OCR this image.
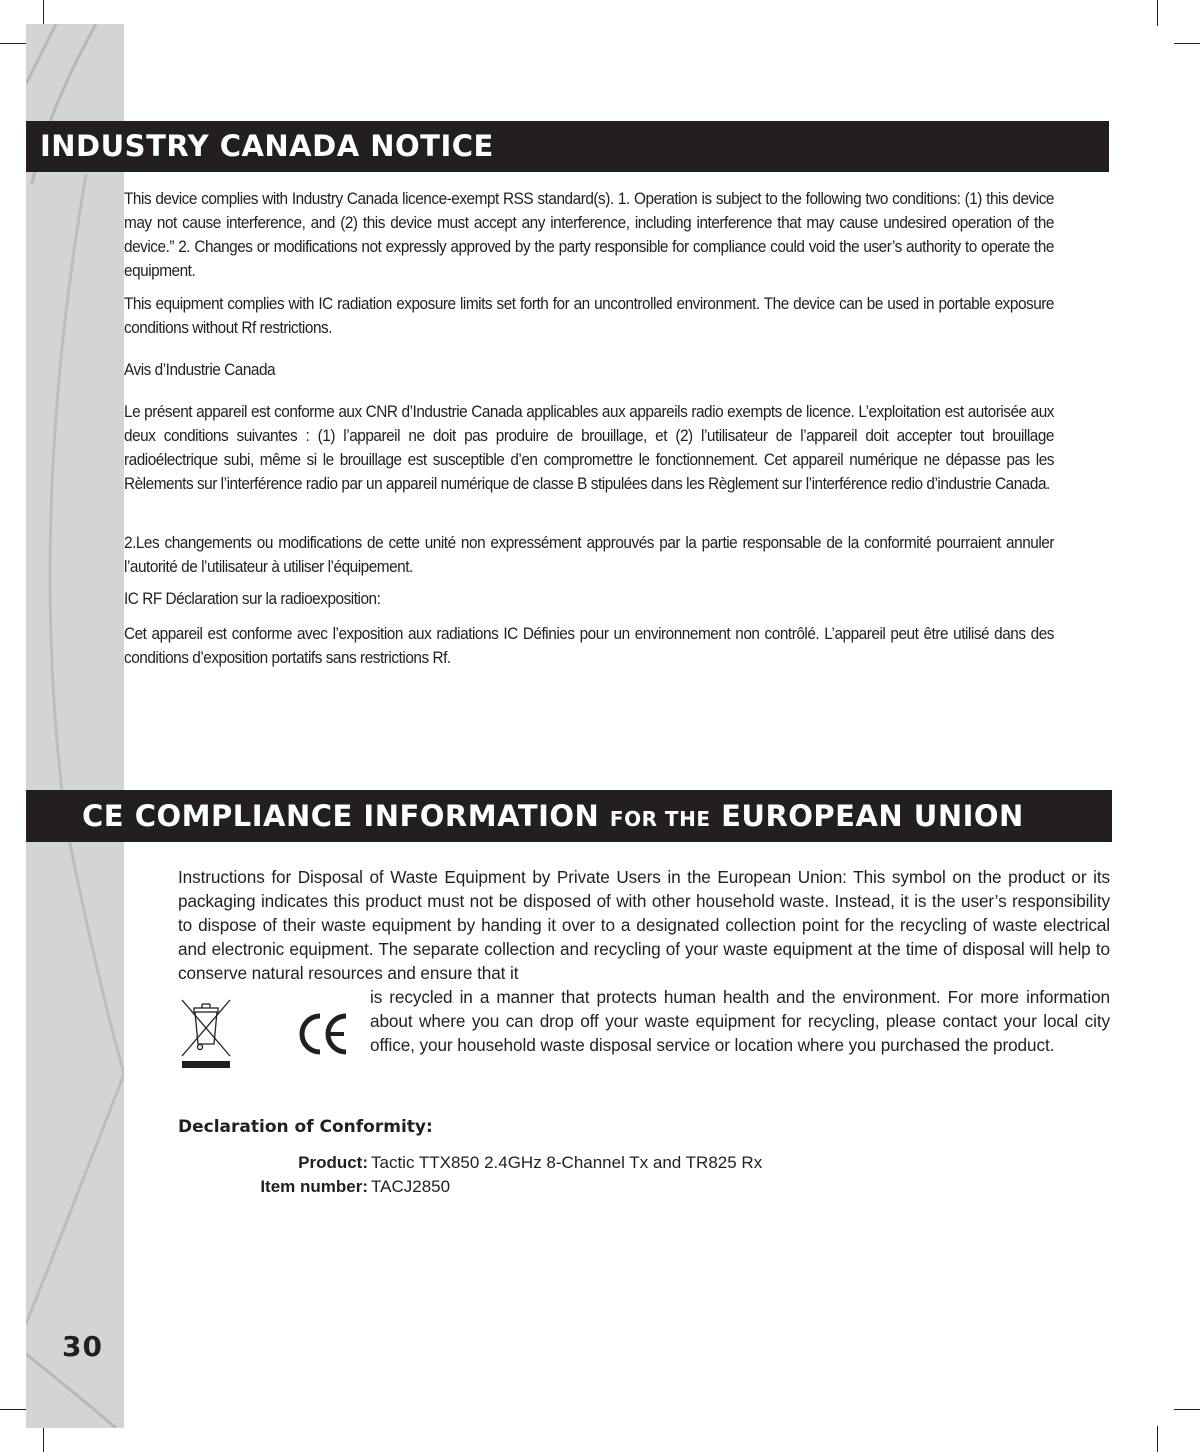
INDUSTRY CANADA NOTICE

This device complies with Industry Canada licence-exempt RSS standard(s). 1. Operation is subject to the following two conditions: (1) this device may not cause interference, and (2) this device must accept any interference, including interference that may cause undesired operation of the device.” 2. Changes or modifications not expressly approved by the party responsible for compliance could void the user’s authority to operate the equipment.

This equipment complies with IC radiation exposure limits set forth for an uncontrolled environment. The device can be used in portable exposure conditions without Rf restrictions.

Avis d’Industrie Canada

Le présent appareil est conforme aux CNR d’Industrie Canada applicables aux appareils radio exempts de licence. L’exploitation est autorisée aux deux conditions suivantes : (1) l’appareil ne doit pas produire de brouillage, et (2) l’utilisateur de l’appareil doit accepter tout brouillage radioélectrique subi, même si le brouillage est susceptible d’en compromettre le fonctionnement. Cet appareil numérique ne dépasse pas les Rèlements sur l’interférence radio par un appareil numérique de classe B stipulées dans les Règlement sur l’interférence redio d’industrie Canada.

2.Les changements ou modifications de cette unité non expressément approuvés par la partie responsable de la conformité pourraient annuler l’autorité de l’utilisateur à utiliser l’équipement.

IC RF Déclaration sur la radioexposition:

Cet appareil est conforme avec l’exposition aux radiations IC Définies pour un environnement non contrôlé. L’appareil peut être utilisé dans des conditions d’exposition portatifs sans restrictions Rf.

CE COMPLIANCE INFORMATION FOR THE EUROPEAN UNION

Instructions for Disposal of Waste Equipment by Private Users in the European Union: This symbol on the product or its packaging indicates this product must not be disposed of with other household waste. Instead, it is the user’s responsibility to dispose of their waste equipment by handing it over to a designated collection point for the recycling of waste electrical and electronic equipment. The separate collection and recycling of your waste equipment at the time of disposal will help to conserve natural resources and ensure that it

is recycled in a manner that protects human health and the environment. For more information about where you can drop off your waste equipment for recycling, please contact your local city office, your household waste disposal service or location where you purchased the product.

Declaration of Conformity:
Product: Tactic TTX850 2.4GHz 8-Channel Tx and TR825 Rx
Item number: TACJ2850
30
